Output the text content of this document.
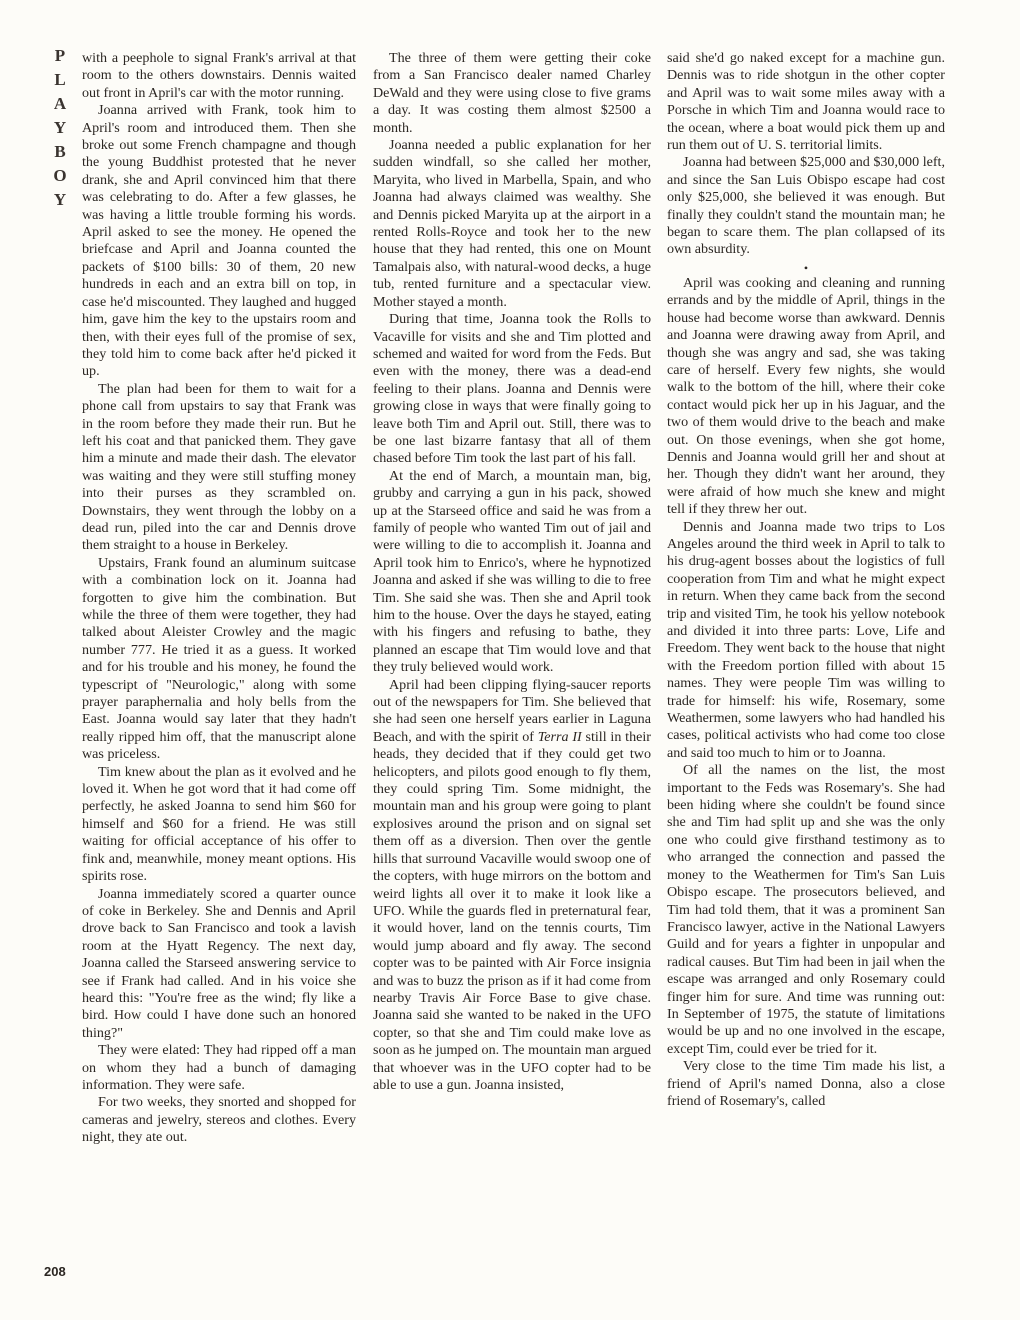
P
L
A
Y
B
O
Y

with a peephole to signal Frank's arrival at that room to the others downstairs. Dennis waited out front in April's car with the motor running.

Joanna arrived with Frank, took him to April's room and introduced them. Then she broke out some French champagne and though the young Buddhist protested that he never drank, she and April convinced him that there was celebrating to do. After a few glasses, he was having a little trouble forming his words. April asked to see the money. He opened the briefcase and April and Joanna counted the packets of $100 bills: 30 of them, 20 new hundreds in each and an extra bill on top, in case he'd miscounted. They laughed and hugged him, gave him the key to the upstairs room and then, with their eyes full of the promise of sex, they told him to come back after he'd picked it up.

The plan had been for them to wait for a phone call from upstairs to say that Frank was in the room before they made their run. But he left his coat and that panicked them. They gave him a minute and made their dash. The elevator was waiting and they were still stuffing money into their purses as they scrambled on. Downstairs, they went through the lobby on a dead run, piled into the car and Dennis drove them straight to a house in Berkeley.

Upstairs, Frank found an aluminum suitcase with a combination lock on it. Joanna had forgotten to give him the combination. But while the three of them were together, they had talked about Aleister Crowley and the magic number 777. He tried it as a guess. It worked and for his trouble and his money, he found the typescript of "Neurologic," along with some prayer paraphernalia and holy bells from the East. Joanna would say later that they hadn't really ripped him off, that the manuscript alone was priceless.

Tim knew about the plan as it evolved and he loved it. When he got word that it had come off perfectly, he asked Joanna to send him $60 for himself and $60 for a friend. He was still waiting for official acceptance of his offer to fink and, meanwhile, money meant options. His spirits rose.

Joanna immediately scored a quarter ounce of coke in Berkeley. She and Dennis and April drove back to San Francisco and took a lavish room at the Hyatt Regency. The next day, Joanna called the Starseed answering service to see if Frank had called. And in his voice she heard this: "You're free as the wind; fly like a bird. How could I have done such an honored thing?"

They were elated: They had ripped off a man on whom they had a bunch of damaging information. They were safe.

For two weeks, they snorted and shopped for cameras and jewelry, stereos and clothes. Every night, they ate out.

The three of them were getting their coke from a San Francisco dealer named Charley DeWald and they were using close to five grams a day. It was costing them almost $2500 a month.

Joanna needed a public explanation for her sudden windfall, so she called her mother, Maryita, who lived in Marbella, Spain, and who Joanna had always claimed was wealthy. She and Dennis picked Maryita up at the airport in a rented Rolls-Royce and took her to the new house that they had rented, this one on Mount Tamalpais also, with natural-wood decks, a huge tub, rented furniture and a spectacular view. Mother stayed a month.

During that time, Joanna took the Rolls to Vacaville for visits and she and Tim plotted and schemed and waited for word from the Feds. But even with the money, there was a dead-end feeling to their plans. Joanna and Dennis were growing close in ways that were finally going to leave both Tim and April out. Still, there was to be one last bizarre fantasy that all of them chased before Tim took the last part of his fall.

At the end of March, a mountain man, big, grubby and carrying a gun in his pack, showed up at the Starseed office and said he was from a family of people who wanted Tim out of jail and were willing to die to accomplish it. Joanna and April took him to Enrico's, where he hypnotized Joanna and asked if she was willing to die to free Tim. She said she was. Then she and April took him to the house. Over the days he stayed, eating with his fingers and refusing to bathe, they planned an escape that Tim would love and that they truly believed would work.

April had been clipping flying-saucer reports out of the newspapers for Tim. She believed that she had seen one herself years earlier in Laguna Beach, and with the spirit of Terra II still in their heads, they decided that if they could get two helicopters, and pilots good enough to fly them, they could spring Tim. Some midnight, the mountain man and his group were going to plant explosives around the prison and on signal set them off as a diversion. Then over the gentle hills that surround Vacaville would swoop one of the copters, with huge mirrors on the bottom and weird lights all over it to make it look like a UFO. While the guards fled in preternatural fear, it would hover, land on the tennis courts, Tim would jump aboard and fly away. The second copter was to be painted with Air Force insignia and was to buzz the prison as if it had come from nearby Travis Air Force Base to give chase. Joanna said she wanted to be naked in the UFO copter, so that she and Tim could make love as soon as he jumped on. The mountain man argued that whoever was in the UFO copter had to be able to use a gun. Joanna insisted,

said she'd go naked except for a machine gun. Dennis was to ride shotgun in the other copter and April was to wait some miles away with a Porsche in which Tim and Joanna would race to the ocean, where a boat would pick them up and run them out of U. S. territorial limits.

Joanna had between $25,000 and $30,000 left, and since the San Luis Obispo escape had cost only $25,000, she believed it was enough. But finally they couldn't stand the mountain man; he began to scare them. The plan collapsed of its own absurdity.

•

April was cooking and cleaning and running errands and by the middle of April, things in the house had become worse than awkward. Dennis and Joanna were drawing away from April, and though she was angry and sad, she was taking care of herself. Every few nights, she would walk to the bottom of the hill, where their coke contact would pick her up in his Jaguar, and the two of them would drive to the beach and make out. On those evenings, when she got home, Dennis and Joanna would grill her and shout at her. Though they didn't want her around, they were afraid of how much she knew and might tell if they threw her out.

Dennis and Joanna made two trips to Los Angeles around the third week in April to talk to his drug-agent bosses about the logistics of full cooperation from Tim and what he might expect in return. When they came back from the second trip and visited Tim, he took his yellow notebook and divided it into three parts: Love, Life and Freedom. They went back to the house that night with the Freedom portion filled with about 15 names. They were people Tim was willing to trade for himself: his wife, Rosemary, some Weathermen, some lawyers who had handled his cases, political activists who had come too close and said too much to him or to Joanna.

Of all the names on the list, the most important to the Feds was Rosemary's. She had been hiding where she couldn't be found since she and Tim had split up and she was the only one who could give firsthand testimony as to who arranged the connection and passed the money to the Weathermen for Tim's San Luis Obispo escape. The prosecutors believed, and Tim had told them, that it was a prominent San Francisco lawyer, active in the National Lawyers Guild and for years a fighter in unpopular and radical causes. But Tim had been in jail when the escape was arranged and only Rosemary could finger him for sure. And time was running out: In September of 1975, the statute of limitations would be up and no one involved in the escape, except Tim, could ever be tried for it.

Very close to the time Tim made his list, a friend of April's named Donna, also a close friend of Rosemary's, called

208
